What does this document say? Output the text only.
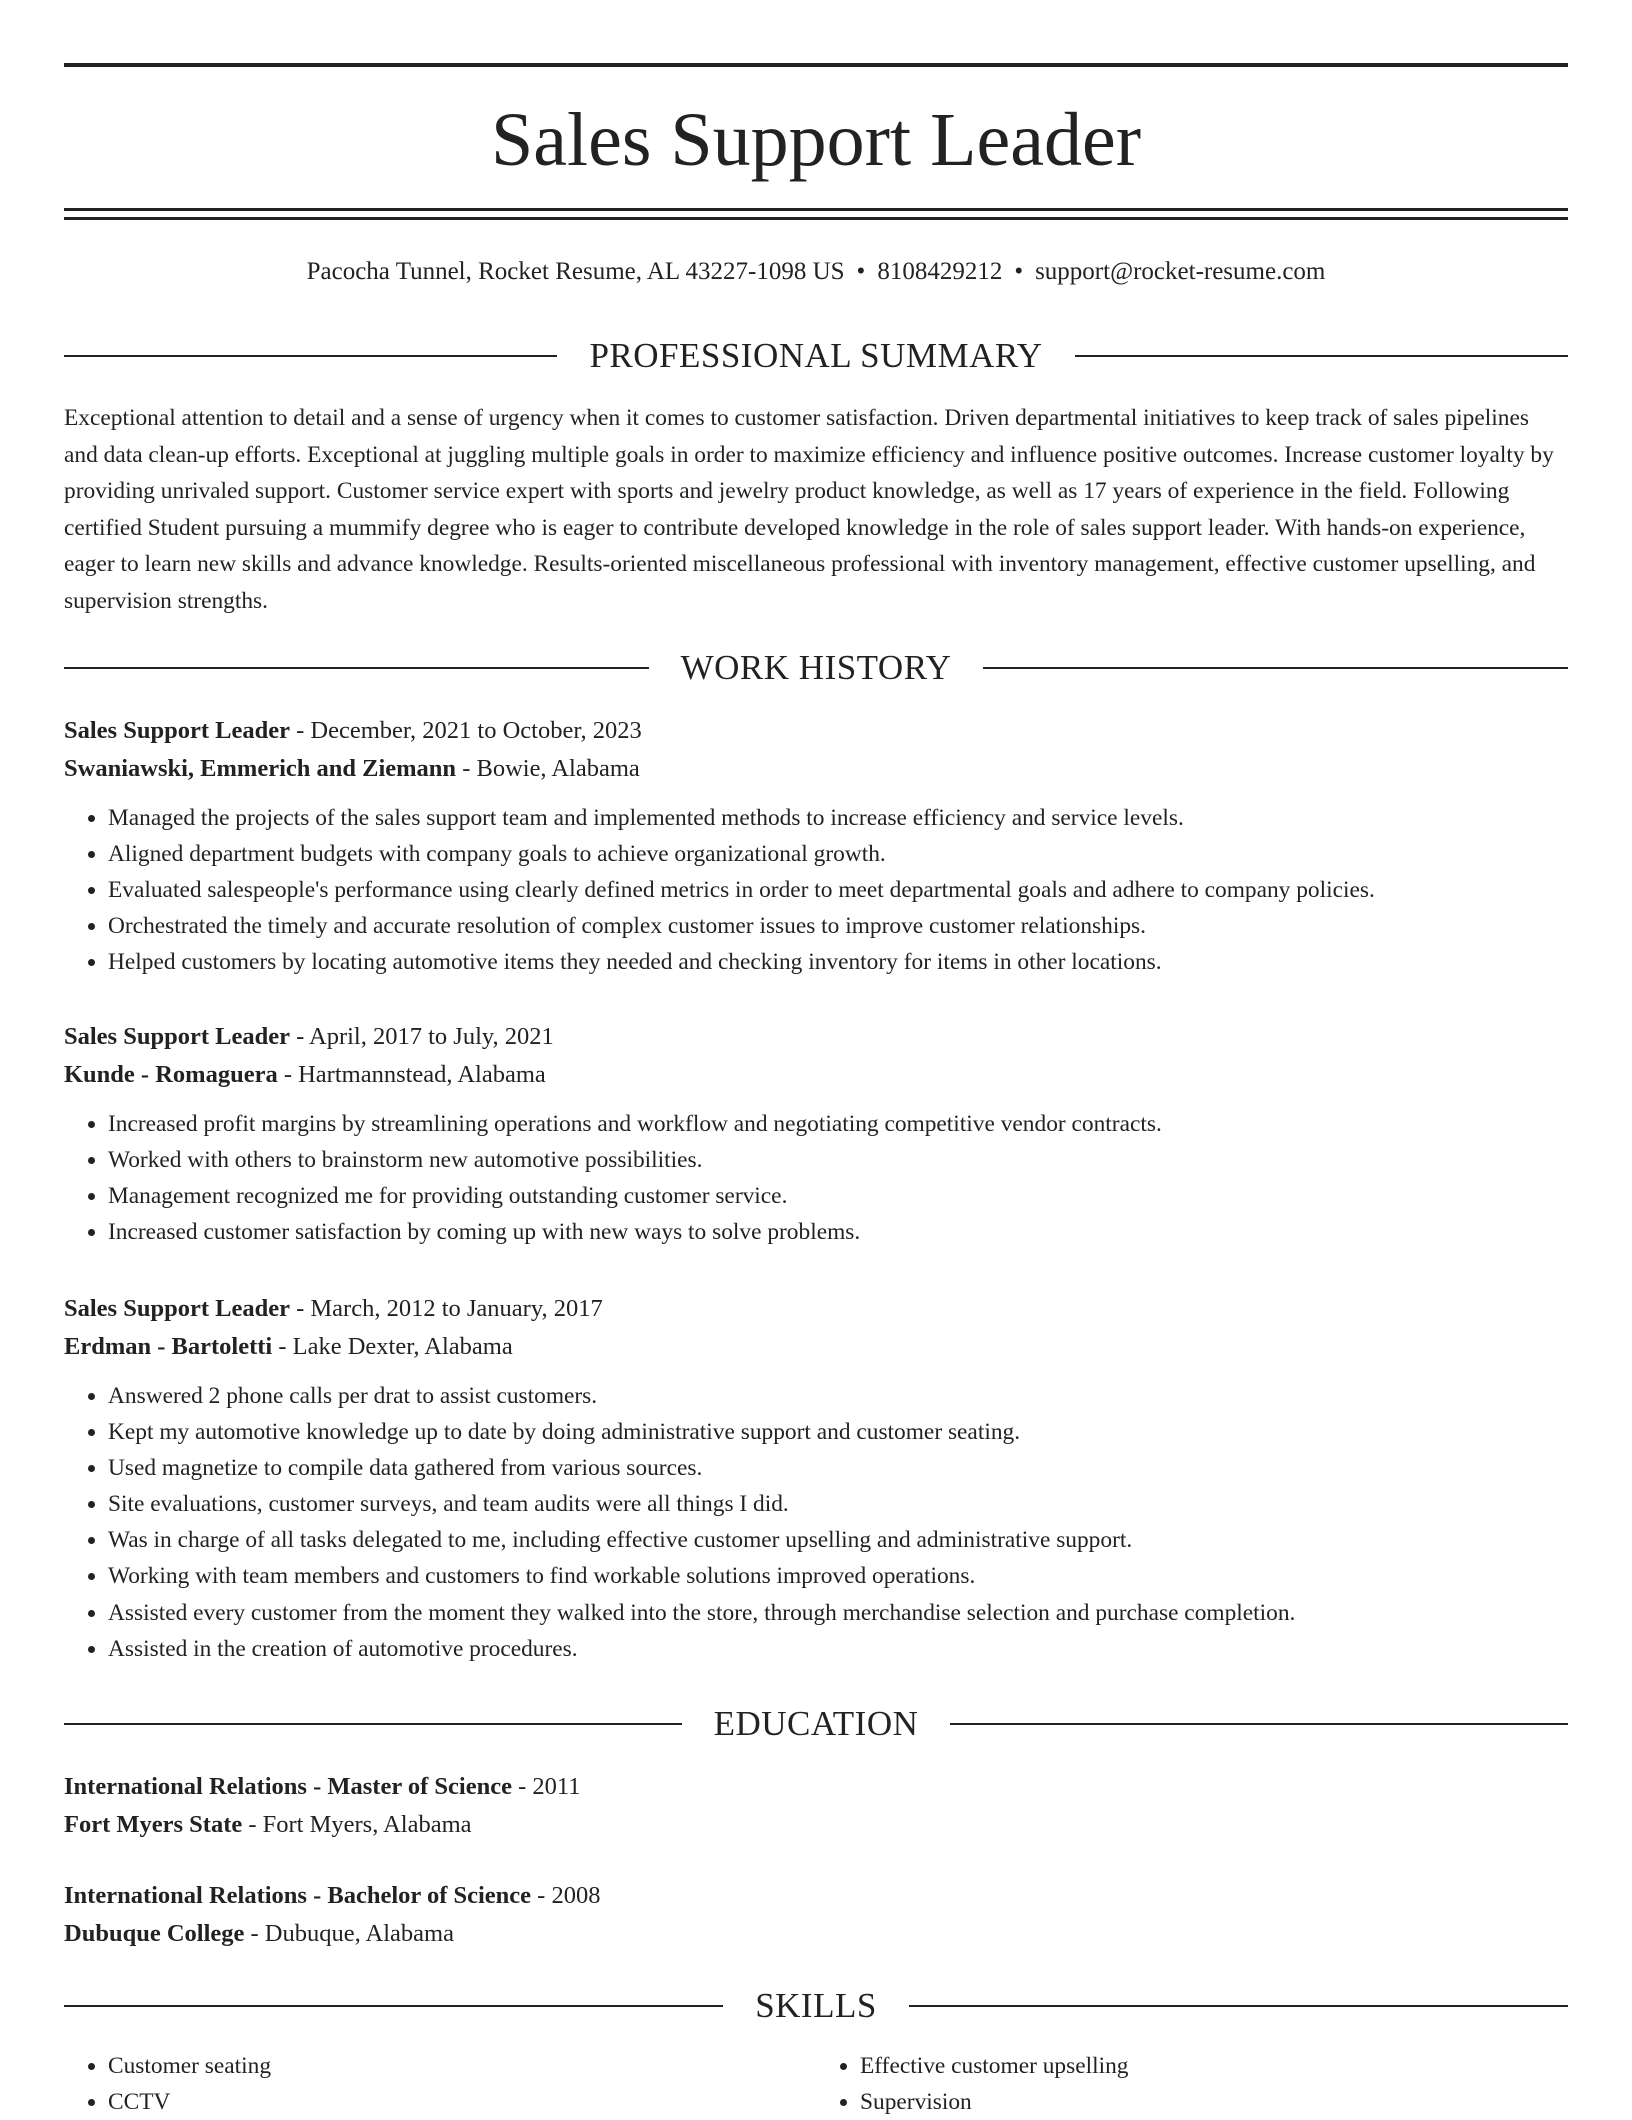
Sales Support Leader
Pacocha Tunnel, Rocket Resume, AL 43227-1098 US • 8108429212 • support@rocket-resume.com
PROFESSIONAL SUMMARY

Exceptional attention to detail and a sense of urgency when it comes to customer satisfaction. Driven departmental initiatives to keep track of sales pipelines and data clean-up efforts. Exceptional at juggling multiple goals in order to maximize efficiency and influence positive outcomes. Increase customer loyalty by providing unrivaled support. Customer service expert with sports and jewelry product knowledge, as well as 17 years of experience in the field. Following certified Student pursuing a mummify degree who is eager to contribute developed knowledge in the role of sales support leader. With hands-on experience, eager to learn new skills and advance knowledge. Results-oriented miscellaneous professional with inventory management, effective customer upselling, and supervision strengths.

WORK HISTORY
Sales Support Leader - December, 2021 to October, 2023
Swaniawski, Emmerich and Ziemann - Bowie, Alabama
• Managed the projects of the sales support team and implemented methods to increase efficiency and service levels.
• Aligned department budgets with company goals to achieve organizational growth.
• Evaluated salespeople's performance using clearly defined metrics in order to meet departmental goals and adhere to company policies.
• Orchestrated the timely and accurate resolution of complex customer issues to improve customer relationships.
• Helped customers by locating automotive items they needed and checking inventory for items in other locations.
Sales Support Leader - April, 2017 to July, 2021
Kunde - Romaguera - Hartmannstead, Alabama
• Increased profit margins by streamlining operations and workflow and negotiating competitive vendor contracts.
• Worked with others to brainstorm new automotive possibilities.
• Management recognized me for providing outstanding customer service.
• Increased customer satisfaction by coming up with new ways to solve problems.
Sales Support Leader - March, 2012 to January, 2017
Erdman - Bartoletti - Lake Dexter, Alabama
• Answered 2 phone calls per drat to assist customers.
• Kept my automotive knowledge up to date by doing administrative support and customer seating.
• Used magnetize to compile data gathered from various sources.
• Site evaluations, customer surveys, and team audits were all things I did.
• Was in charge of all tasks delegated to me, including effective customer upselling and administrative support.
• Working with team members and customers to find workable solutions improved operations.
• Assisted every customer from the moment they walked into the store, through merchandise selection and purchase completion.
• Assisted in the creation of automotive procedures.
EDUCATION
International Relations - Master of Science - 2011
Fort Myers State - Fort Myers, Alabama
International Relations - Bachelor of Science - 2008
Dubuque College - Dubuque, Alabama
SKILLS
• Customer seating
• CCTV
• Effective customer upselling
• Supervision
